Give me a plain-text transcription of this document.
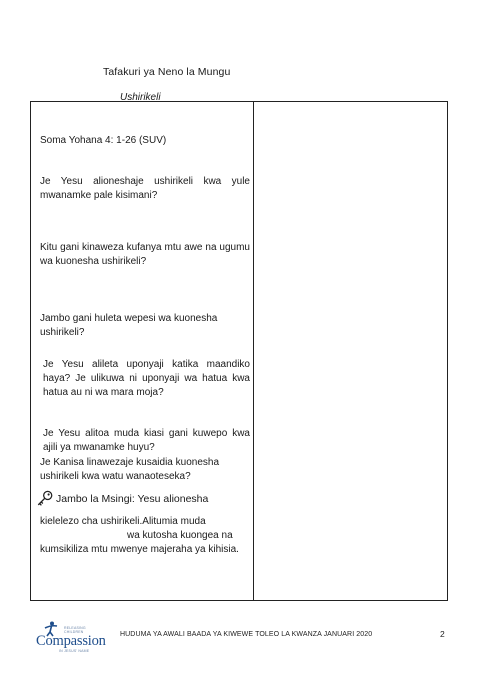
Tafakuri ya Neno la Mungu
Ushirikeli
Soma Yohana 4: 1-26 (SUV)
Je Yesu alioneshaje ushirikeli kwa yule mwanamke pale kisimani?
Kitu gani kinaweza kufanya mtu awe na ugumu wa kuonesha ushirikeli?
Jambo gani huleta wepesi wa kuonesha ushirikeli?
Je Yesu alileta uponyaji katika maandiko haya? Je ulikuwa ni uponyaji wa hatua kwa hatua au ni wa mara moja?
Je Yesu alitoa muda kiasi gani kuwepo kwa ajili ya mwanamke huyu?
Je Kanisa linawezaje kusaidia kuonesha ushirikeli kwa watu wanaoteseka?
Jambo la Msingi: Yesu alionesha
kielelezo cha ushirikeli.Alitumia muda
wa kutosha kuongea na
kumsikiliza mtu mwenye majeraha ya kihisia.
RELEASING CHILDREN
Compassion
IN JESUS' NAME
HUDUMA YA AWALI BAADA YA KIWEWE TOLEO LA KWANZA JANUARI 2020	2
